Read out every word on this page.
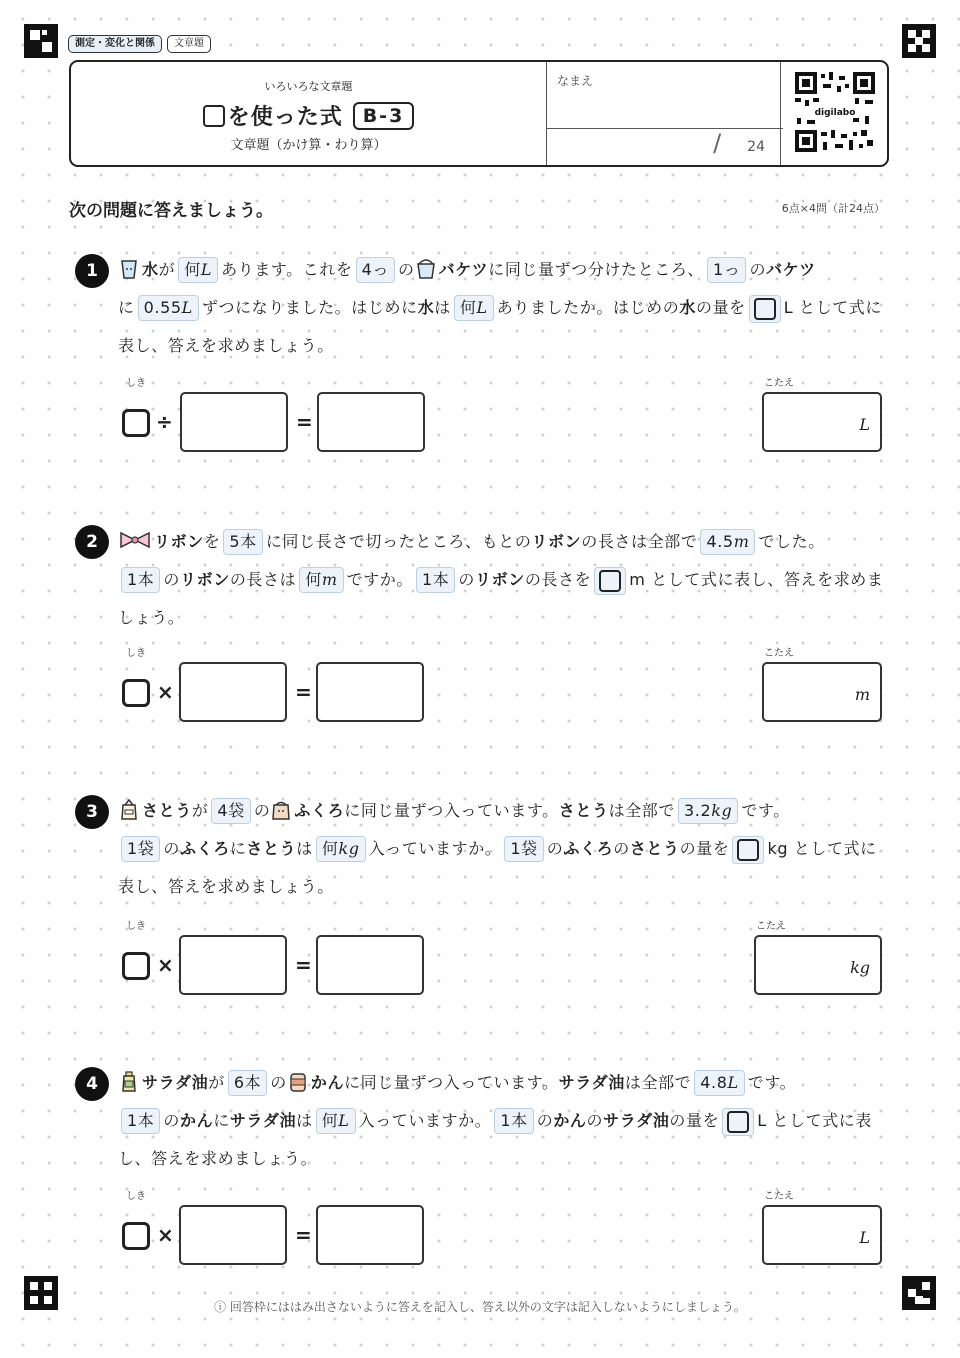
測定・変化と関係	文章題
いろいろな文章題
を使った式	B-3
文章題（かけ算・わり算）
なまえ
/ 24
digilabo
次の問題に答えましょう。	6点×4問（計24点）
1	水が 何L あります。これを 4っ の バケツに同じ量ずつ分けたところ、 1っ のバケツ
に 0.55L ずつになりました。はじめに水は 何L ありましたか。はじめの水の量を L として式に表し、答えを求めましょう。
しき
÷	=
こたえ
L
2	リボンを 5本 に同じ長さで切ったところ、もとのリボンの長さは全部で 4.5m でした。
1本 のリボンの長さは 何m ですか。 1本 のリボンの長さを m として式に表し、答えを求めましょう。
しき
×	=
こたえ
m
3	さとうが 4袋 の ふくろに同じ量ずつ入っています。さとうは全部で 3.2kg です。
1袋 のふくろにさとうは 何kg 入っていますか。 1袋 のふくろのさとうの量を kg として式に表し、答えを求めましょう。
しき
×	=
こたえ
kg
4	サラダ油が 6本 の かんに同じ量ずつ入っています。サラダ油は全部で 4.8L です。
1本 のかんにサラダ油は 何L 入っていますか。 1本 のかんのサラダ油の量を L として式に表し、答えを求めましょう。
しき
×	=
こたえ
L
ⓘ 回答枠にははみ出さないように答えを記入し、答え以外の文字は記入しないようにしましょう。
